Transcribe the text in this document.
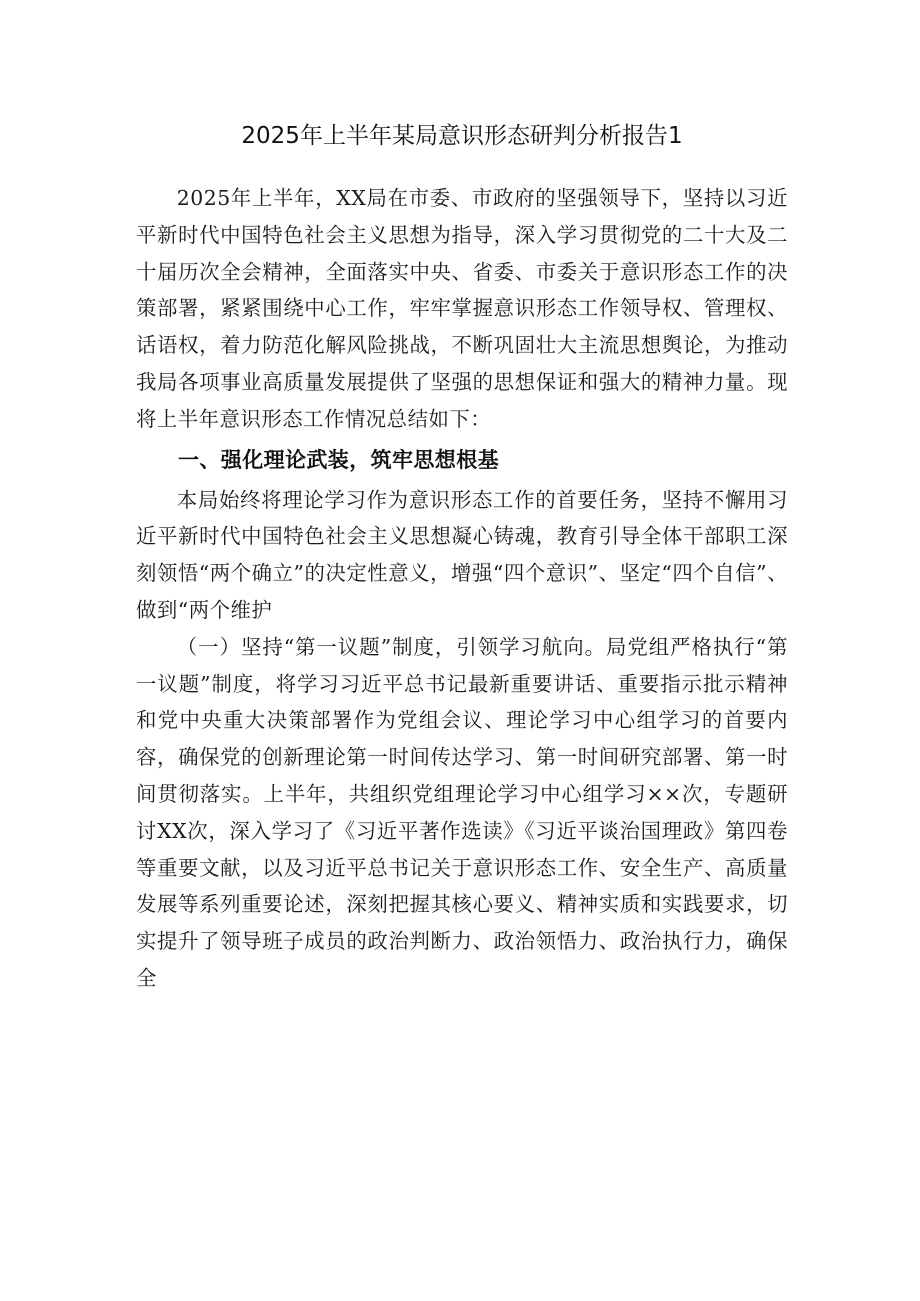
2025年上半年某局意识形态研判分析报告1

2025年上半年，XX局在市委、市政府的坚强领导下，坚持以习近平新时代中国特色社会主义思想为指导，深入学习贯彻党的二十大及二十届历次全会精神，全面落实中央、省委、市委关于意识形态工作的决策部署，紧紧围绕中心工作，牢牢掌握意识形态工作领导权、管理权、话语权，着力防范化解风险挑战，不断巩固壮大主流思想舆论，为推动我局各项事业高质量发展提供了坚强的思想保证和强大的精神力量。现将上半年意识形态工作情况总结如下：

一、强化理论武装，筑牢思想根基

本局始终将理论学习作为意识形态工作的首要任务，坚持不懈用习近平新时代中国特色社会主义思想凝心铸魂，教育引导全体干部职工深刻领悟“两个确立”的决定性意义，增强“四个意识”、坚定“四个自信”、做到“两个维护

（一）坚持“第一议题”制度，引领学习航向。局党组严格执行“第一议题”制度，将学习习近平总书记最新重要讲话、重要指示批示精神和党中央重大决策部署作为党组会议、理论学习中心组学习的首要内容，确保党的创新理论第一时间传达学习、第一时间研究部署、第一时间贯彻落实。上半年，共组织党组理论学习中心组学习××次，专题研讨XX次，深入学习了《习近平著作选读》《习近平谈治国理政》第四卷等重要文献，以及习近平总书记关于意识形态工作、安全生产、高质量发展等系列重要论述，深刻把握其核心要义、精神实质和实践要求，切实提升了领导班子成员的政治判断力、政治领悟力、政治执行力，确保全
